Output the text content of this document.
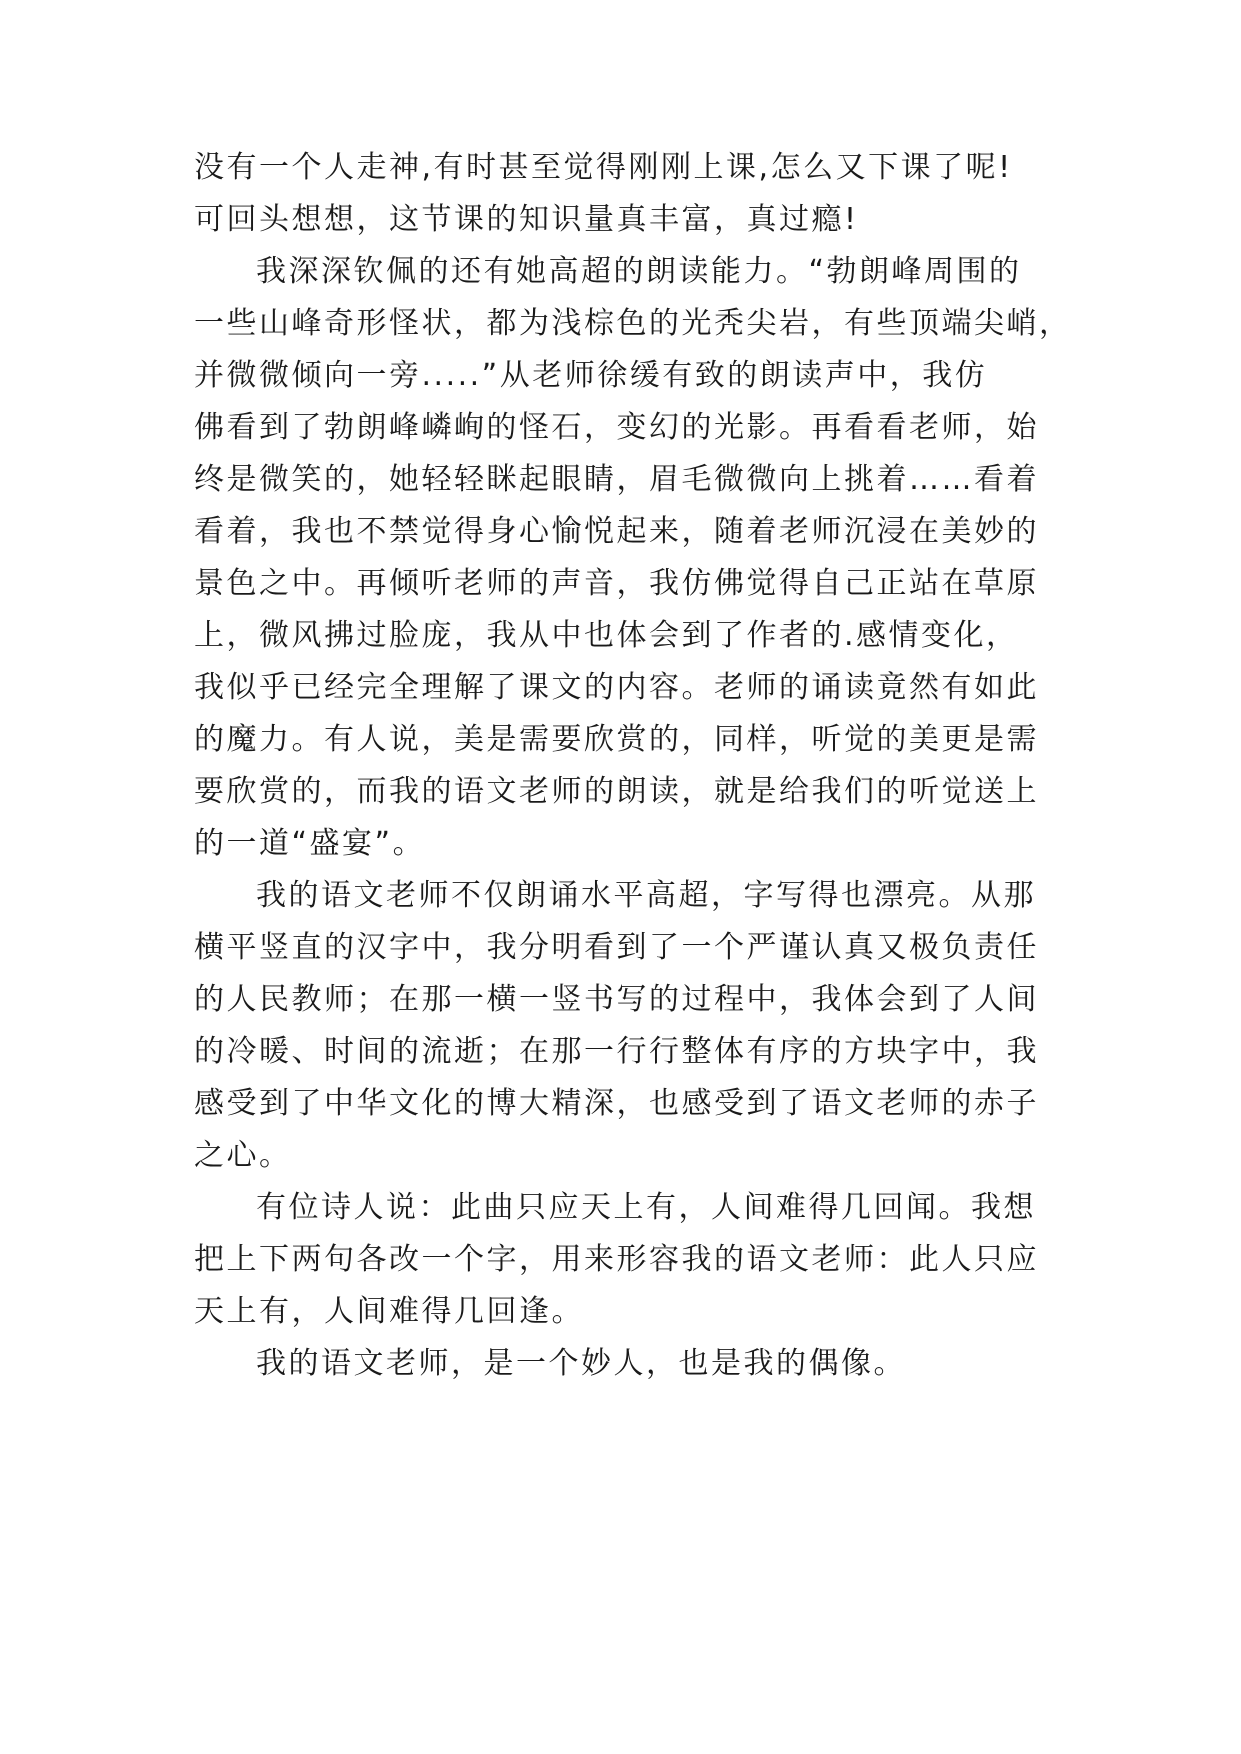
没有一个人走神,有时甚至觉得刚刚上课,怎么又下课了呢!
可回头想想，这节课的知识量真丰富，真过瘾!
我深深钦佩的还有她高超的朗读能力。“勃朗峰周围的
一些山峰奇形怪状，都为浅棕色的光秃尖岩，有些顶端尖峭，
并微微倾向一旁.....”从老师徐缓有致的朗读声中，我仿
佛看到了勃朗峰嶙峋的怪石，变幻的光影。再看看老师，始
终是微笑的，她轻轻眯起眼睛，眉毛微微向上挑着……看着
看着，我也不禁觉得身心愉悦起来，随着老师沉浸在美妙的
景色之中。再倾听老师的声音，我仿佛觉得自己正站在草原
上，微风拂过脸庞，我从中也体会到了作者的.感情变化，
我似乎已经完全理解了课文的内容。老师的诵读竟然有如此
的魔力。有人说，美是需要欣赏的，同样，听觉的美更是需
要欣赏的，而我的语文老师的朗读，就是给我们的听觉送上
的一道“盛宴”。
我的语文老师不仅朗诵水平高超，字写得也漂亮。从那
横平竖直的汉字中，我分明看到了一个严谨认真又极负责任
的人民教师；在那一横一竖书写的过程中，我体会到了人间
的冷暖、时间的流逝；在那一行行整体有序的方块字中，我
感受到了中华文化的博大精深，也感受到了语文老师的赤子
之心。
有位诗人说：此曲只应天上有，人间难得几回闻。我想
把上下两句各改一个字，用来形容我的语文老师：此人只应
天上有，人间难得几回逢。
我的语文老师，是一个妙人，也是我的偶像。
